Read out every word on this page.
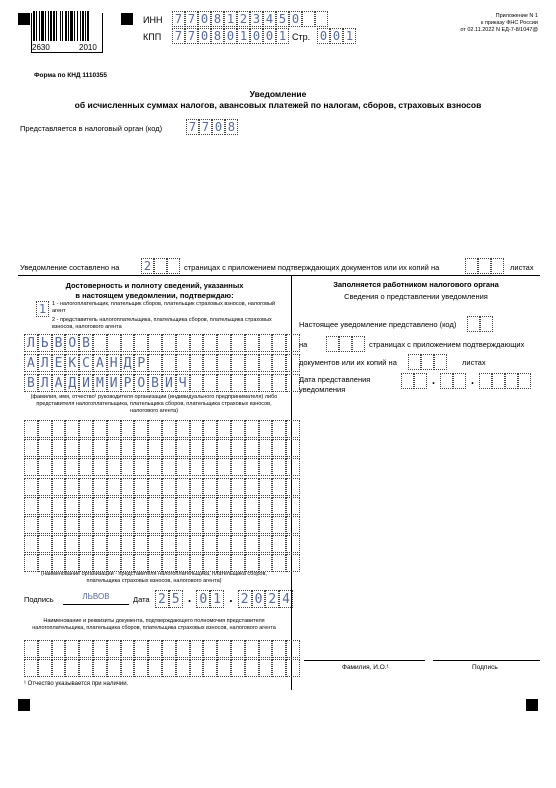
2630	2010
ИНН 7 7 0 8 1 2 3 4 5 0
КПП 7 7 0 8 0 1 0 0 1 Стр. 0 0 1
Приложение N 1
к приказу ФНС России
от 02.11.2022 N ЕД-7-8/1047@
Форма по КНД 1110355
Уведомление
об исчисленных суммах налогов, авансовых платежей по налогам, сборов, страховых взносов
Представляется в налоговый орган (код) 7 7 0 8
Уведомление составлено на 2	страницах с приложением подтверждающих документов или их копий на	листах
Достоверность и полноту сведений, указанных
в настоящем уведомлении, подтверждаю:
1	1 - налогоплательщик, плательщик сборов, плательщик страховых взносов, налоговый агент
2 - представитель налогоплательщика, плательщика сборов, плательщика страховых взносов, налогового агента
Л Ь В О В
А Л Е К С А Н Д Р
В Л А Д И М И Р О В И Ч
(фамилия, имя, отчество¹ руководителя организации (индивидуального предпринимателя) либо представителя налогоплательщика, плательщика сборов, плательщика страховых взносов, налогового агента)
(наименование организации - представителя налогоплательщика, плательщика сборов, плательщика страховых взносов, налогового агента)
Подпись	ЛЬВОВ	Дата 2 5 . 0 1 . 2 0 2 4
Наименование и реквизиты документа, подтверждающего полномочия представителя налогоплательщика, плательщика сборов, плательщика страховых взносов, налогового агента
¹ Отчество указывается при наличии.
Заполняется работником налогового органа
Сведения о представлении уведомления
Настоящее уведомление представлено (код)
на	страницах с приложением подтверждающих
документов или их копий на	листах
Дата представления уведомления
.	.
Фамилия, И.О.¹	Подпись
